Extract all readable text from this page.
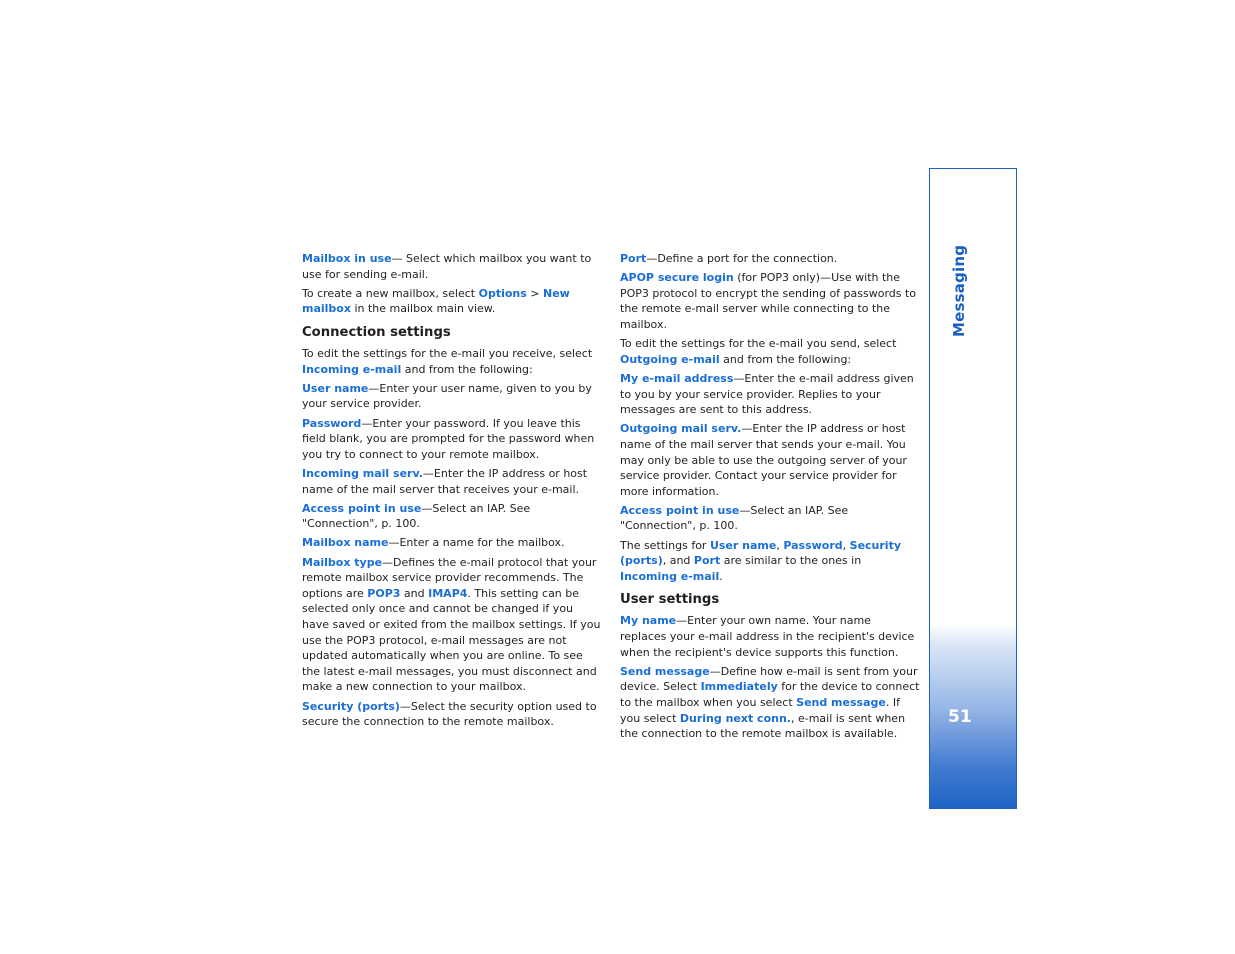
Mailbox in use— Select which mailbox you want to use for sending e-mail.

To create a new mailbox, select Options > New mailbox in the mailbox main view.

Connection settings

To edit the settings for the e-mail you receive, select Incoming e-mail and from the following:

User name—Enter your user name, given to you by your service provider.

Password—Enter your password. If you leave this field blank, you are prompted for the password when you try to connect to your remote mailbox.

Incoming mail serv.—Enter the IP address or host name of the mail server that receives your e-mail.

Access point in use—Select an IAP. See "Connection", p. 100.

Mailbox name—Enter a name for the mailbox.

Mailbox type—Defines the e-mail protocol that your remote mailbox service provider recommends. The options are POP3 and IMAP4. This setting can be selected only once and cannot be changed if you have saved or exited from the mailbox settings. If you use the POP3 protocol, e-mail messages are not updated automatically when you are online. To see the latest e-mail messages, you must disconnect and make a new connection to your mailbox.

Security (ports)—Select the security option used to secure the connection to the remote mailbox.

Port—Define a port for the connection.

APOP secure login (for POP3 only)—Use with the POP3 protocol to encrypt the sending of passwords to the remote e-mail server while connecting to the mailbox.

To edit the settings for the e-mail you send, select Outgoing e-mail and from the following:

My e-mail address—Enter the e-mail address given to you by your service provider. Replies to your messages are sent to this address.

Outgoing mail serv.—Enter the IP address or host name of the mail server that sends your e-mail. You may only be able to use the outgoing server of your service provider. Contact your service provider for more information.

Access point in use—Select an IAP. See "Connection", p. 100.

The settings for User name, Password, Security (ports), and Port are similar to the ones in Incoming e-mail.

User settings

My name—Enter your own name. Your name replaces your e-mail address in the recipient's device when the recipient's device supports this function.

Send message—Define how e-mail is sent from your device. Select Immediately for the device to connect to the mailbox when you select Send message. If you select During next conn., e-mail is sent when the connection to the remote mailbox is available.

Messaging
51
